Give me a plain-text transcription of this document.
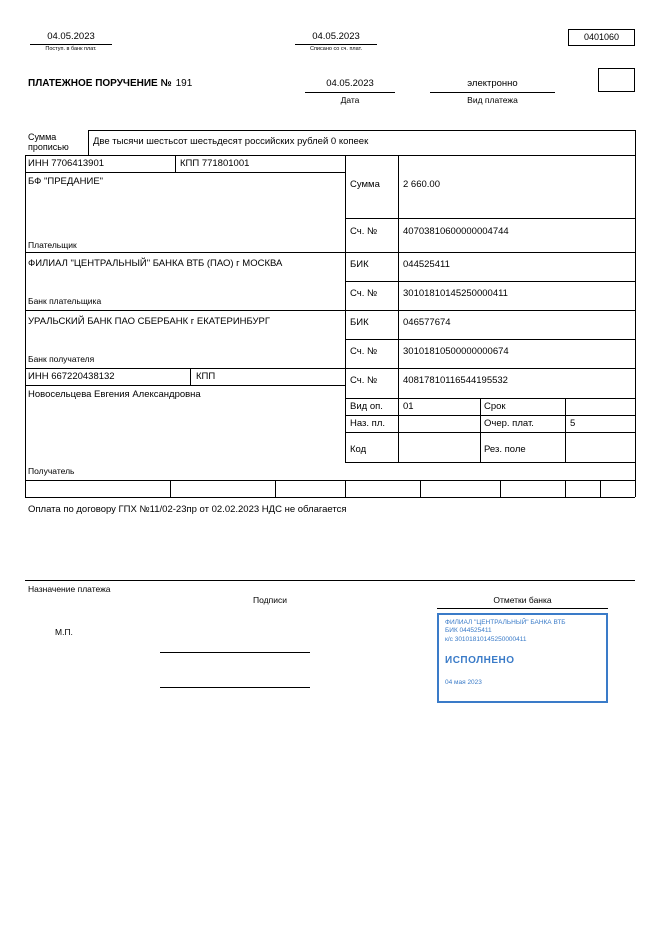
04.05.2023
Поступ. в банк плат.
04.05.2023
Списано со сч. плат.
0401060
ПЛАТЕЖНОЕ ПОРУЧЕНИЕ № 191	04.05.2023
Дата
электронно
Вид платежа
Сумма прописью
Две тысячи шестьсот шестьдесят российских рублей 0 копеек
ИНН 7706413901	КПП 771801001
БФ "ПРЕДАНИЕ"
Плательщик
Сумма 2 660.00
Сч. №	40703810600000004744
ФИЛИАЛ "ЦЕНТРАЛЬНЫЙ" БАНКА ВТБ (ПАО) г МОСКВА
Банк плательщика
БИК	044525411
Сч. №	30101810145250000411
УРАЛЬСКИЙ БАНК ПАО СБЕРБАНК г ЕКАТЕРИНБУРГ
Банк получателя
БИК	046577674
Сч. №	30101810500000000674
ИНН 667220438132	КПП
Новосельцева Евгения Александровна
Получатель
Сч. №	40817810116544195532
Вид оп. 01	Срок
Наз. пл.	Очер. плат.	5
Код	Рез. поле
Оплата по договору ГПХ №11/02-23пр от 02.02.2023 НДС не облагается
Назначение платежа
Подписи	Отметки банка
М.П.
ФИЛИАЛ "ЦЕНТРАЛЬНЫЙ" БАНКА ВТБ
БИК 044525411
к/с 30101810145250000411
ИСПОЛНЕНО
04 мая 2023
